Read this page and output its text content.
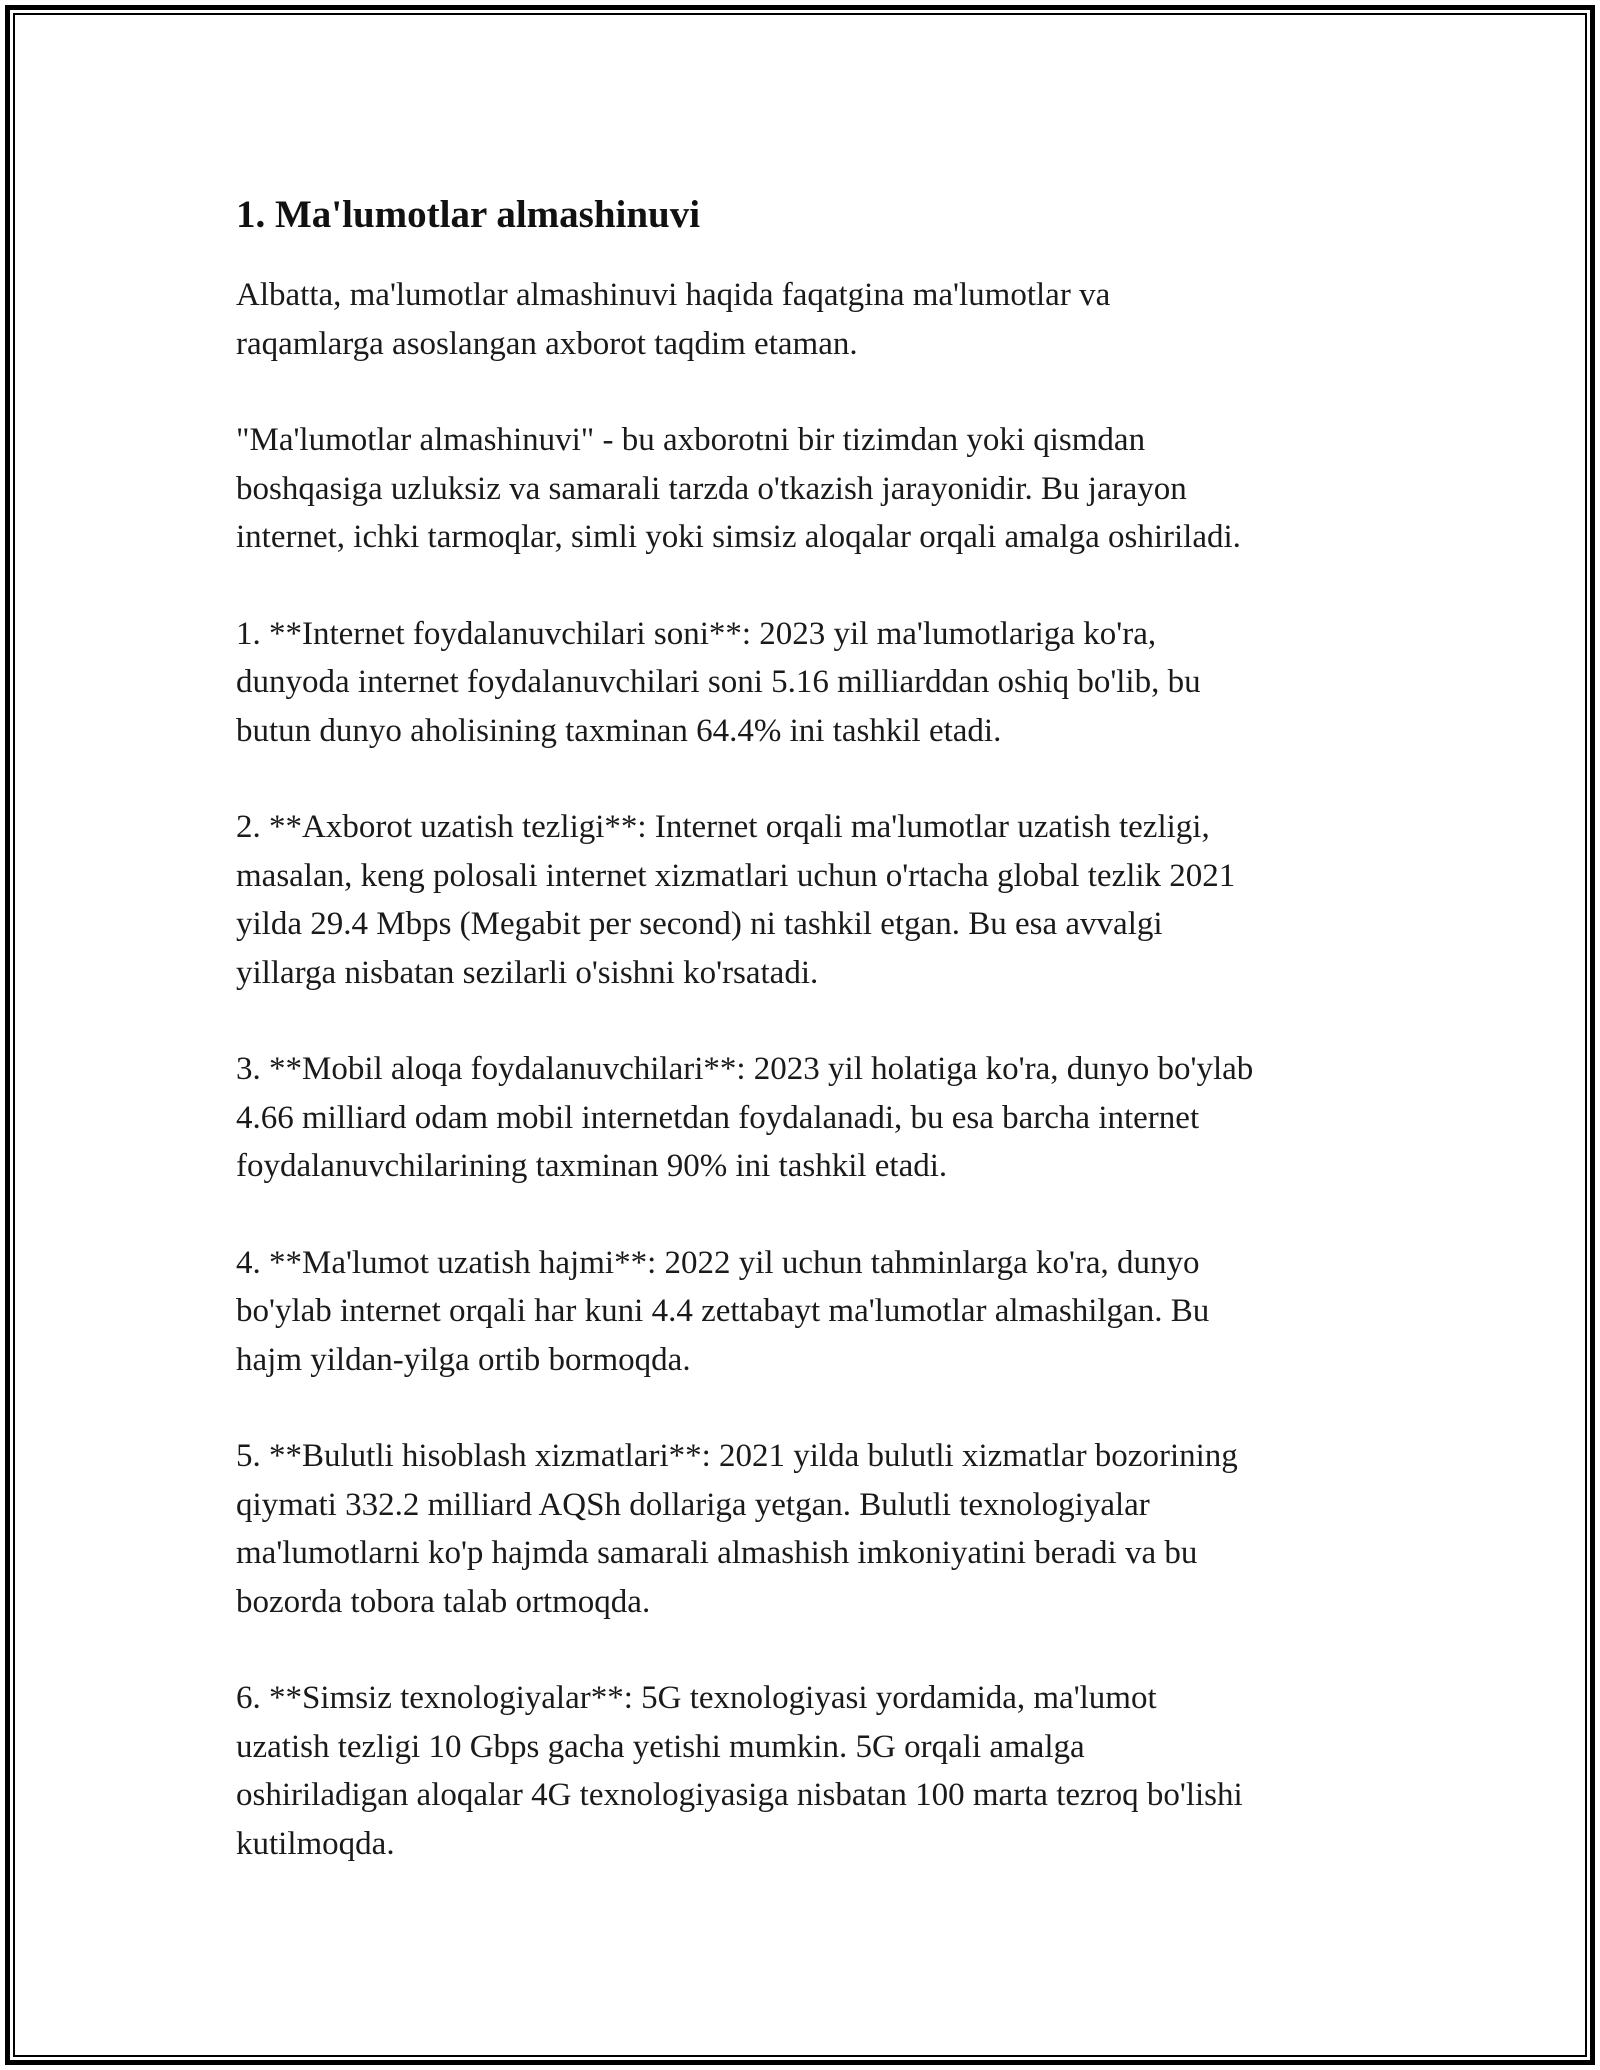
1. Ma'lumotlar almashinuvi

Albatta, ma'lumotlar almashinuvi haqida faqatgina ma'lumotlar va
raqamlarga asoslangan axborot taqdim etaman.

"Ma'lumotlar almashinuvi" - bu axborotni bir tizimdan yoki qismdan
boshqasiga uzluksiz va samarali tarzda o'tkazish jarayonidir. Bu jarayon
internet, ichki tarmoqlar, simli yoki simsiz aloqalar orqali amalga oshiriladi.

1. **Internet foydalanuvchilari soni**: 2023 yil ma'lumotlariga ko'ra,
dunyoda internet foydalanuvchilari soni 5.16 milliarddan oshiq bo'lib, bu
butun dunyo aholisining taxminan 64.4% ini tashkil etadi.

2. **Axborot uzatish tezligi**: Internet orqali ma'lumotlar uzatish tezligi,
masalan, keng polosali internet xizmatlari uchun o'rtacha global tezlik 2021
yilda 29.4 Mbps (Megabit per second) ni tashkil etgan. Bu esa avvalgi
yillarga nisbatan sezilarli o'sishni ko'rsatadi.

3. **Mobil aloqa foydalanuvchilari**: 2023 yil holatiga ko'ra, dunyo bo'ylab
4.66 milliard odam mobil internetdan foydalanadi, bu esa barcha internet
foydalanuvchilarining taxminan 90% ini tashkil etadi.

4. **Ma'lumot uzatish hajmi**: 2022 yil uchun tahminlarga ko'ra, dunyo
bo'ylab internet orqali har kuni 4.4 zettabayt ma'lumotlar almashilgan. Bu
hajm yildan-yilga ortib bormoqda.

5. **Bulutli hisoblash xizmatlari**: 2021 yilda bulutli xizmatlar bozorining
qiymati 332.2 milliard AQSh dollariga yetgan. Bulutli texnologiyalar
ma'lumotlarni ko'p hajmda samarali almashish imkoniyatini beradi va bu
bozorda tobora talab ortmoqda.

6. **Simsiz texnologiyalar**: 5G texnologiyasi yordamida, ma'lumot
uzatish tezligi 10 Gbps gacha yetishi mumkin. 5G orqali amalga
oshiriladigan aloqalar 4G texnologiyasiga nisbatan 100 marta tezroq bo'lishi
kutilmoqda.
